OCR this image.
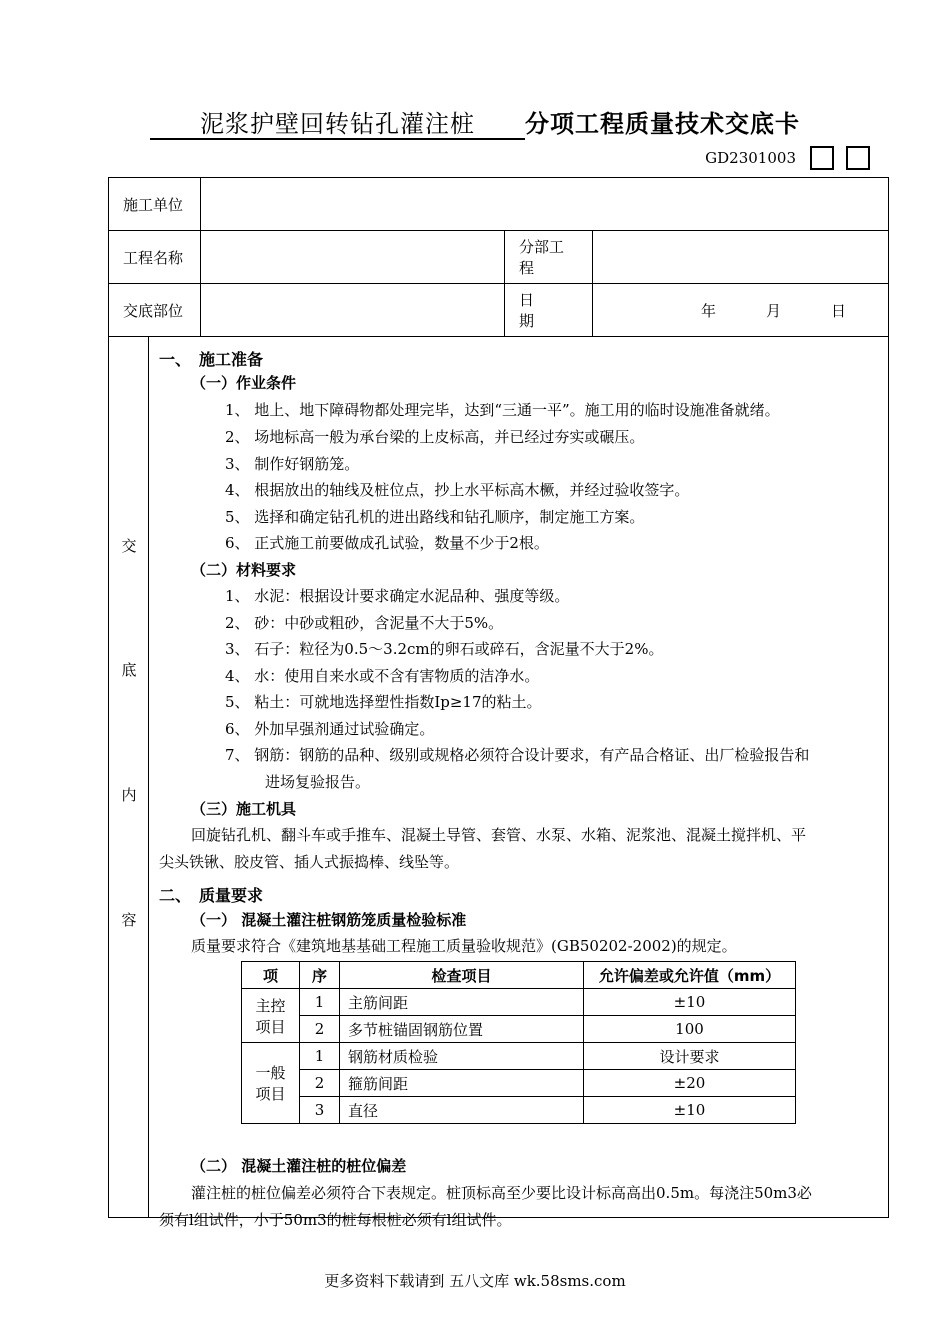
　　泥浆护壁回转钻孔灌注桩　　 分项工程质量技术交底卡
GD2301003
施工单位	
工程名称		分部工程	
交底部位		日　　期	年	月	日

交
底
内
容

一、　施工准备
（一）作业条件
1、 地上、地下障碍物都处理完毕，达到“三通一平”。施工用的临时设施准备就绪。
2、 场地标高一般为承台梁的上皮标高，并已经过夯实或碾压。
3、 制作好钢筋笼。
4、 根据放出的轴线及桩位点，抄上水平标高木橛，并经过验收签字。
5、 选择和确定钻孔机的进出路线和钻孔顺序，制定施工方案。
6、 正式施工前要做成孔试验，数量不少于2根。
（二）材料要求
1、 水泥：根据设计要求确定水泥品种、强度等级。
2、 砂：中砂或粗砂，含泥量不大于5%。
3、 石子：粒径为0.5～3.2cm的卵石或碎石，含泥量不大于2%。
4、 水：使用自来水或不含有害物质的洁净水。
5、 粘土：可就地选择塑性指数Ip≥17的粘土。
6、 外加早强剂通过试验确定。
7、 钢筋：钢筋的品种、级别或规格必须符合设计要求，有产品合格证、出厂检验报告和
进场复验报告。
（三）施工机具
回旋钻孔机、翻斗车或手推车、混凝土导管、套管、水泵、水箱、泥浆池、混凝土搅拌机、平
尖头铁锹、胶皮管、插人式振捣棒、线坠等。
二、　质量要求
（一） 混凝土灌注桩钢筋笼质量检验标准
质量要求符合《建筑地基基础工程施工质量验收规范》(GB50202-2002)的规定。
项	序	检查项目	允许偏差或允许值（mm）
主控
项目	1	主筋间距	±10
2	多节桩锚固钢筋位置	100
一般
项目	1	钢筋材质检验	设计要求
2	箍筋间距	±20
3	直径	±10
（二） 混凝土灌注桩的桩位偏差
灌注桩的桩位偏差必须符合下表规定。桩顶标高至少要比设计标高高出0.5m。每浇注50m3必
须有l组试件，小于50m3的桩每根桩必须有l组试件。
更多资料下载请到 五八文库 wk.58sms.com
